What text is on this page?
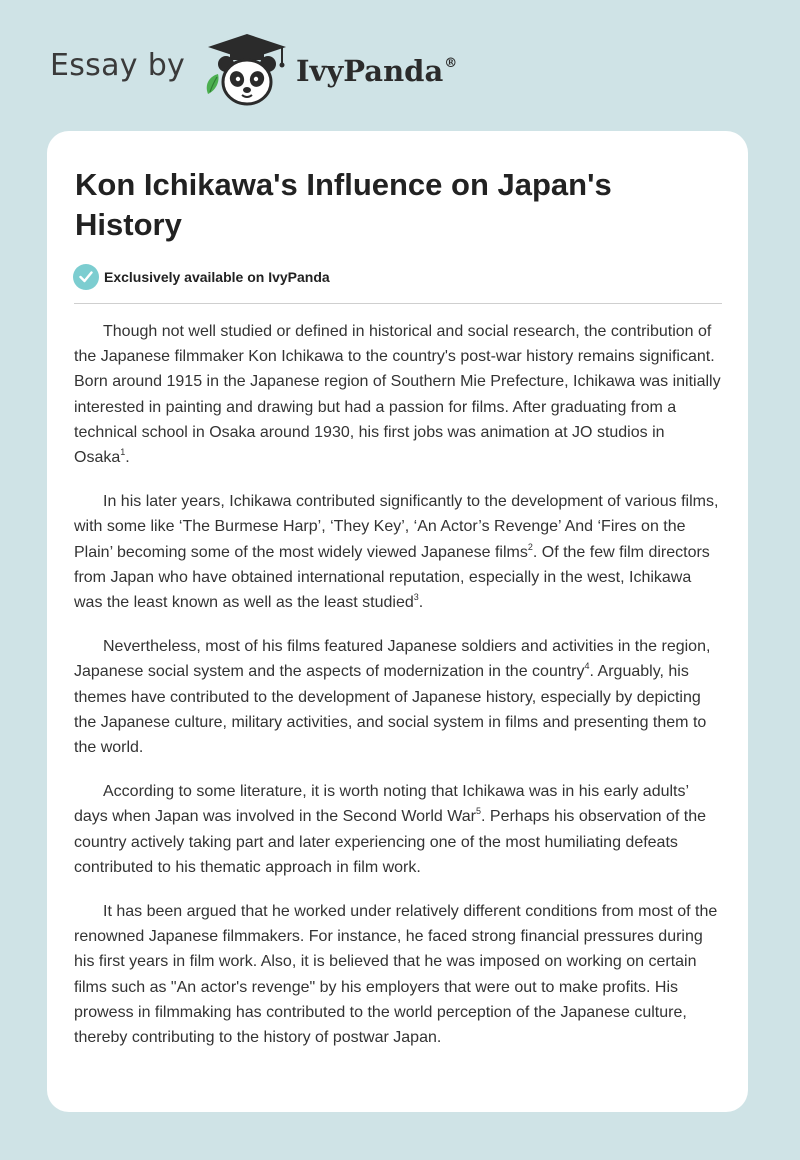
Essay by	IvyPanda®
Kon Ichikawa's Influence on Japan's History
Exclusively available on IvyPanda

Though not well studied or defined in historical and social research, the contribution of the Japanese filmmaker Kon Ichikawa to the country's post-war history remains significant. Born around 1915 in the Japanese region of Southern Mie Prefecture, Ichikawa was initially interested in painting and drawing but had a passion for films. After graduating from a technical school in Osaka around 1930, his first jobs was animation at JO studios in Osaka$^1$.

In his later years, Ichikawa contributed significantly to the development of various films, with some like ‘The Burmese Harp’, ‘They Key’, ‘An Actor’s Revenge’ And ‘Fires on the Plain’ becoming some of the most widely viewed Japanese films$^2$. Of the few film directors from Japan who have obtained international reputation, especially in the west, Ichikawa was the least known as well as the least studied$^3$.

Nevertheless, most of his films featured Japanese soldiers and activities in the region, Japanese social system and the aspects of modernization in the country$^4$. Arguably, his themes have contributed to the development of Japanese history, especially by depicting the Japanese culture, military activities, and social system in films and presenting them to the world.

According to some literature, it is worth noting that Ichikawa was in his early adults’ days when Japan was involved in the Second World War$^5$. Perhaps his observation of the country actively taking part and later experiencing one of the most humiliating defeats contributed to his thematic approach in film work.

It has been argued that he worked under relatively different conditions from most of the renowned Japanese filmmakers. For instance, he faced strong financial pressures during his first years in film work. Also, it is believed that he was imposed on working on certain films such as "An actor's revenge" by his employers that were out to make profits. His prowess in filmmaking has contributed to the world perception of the Japanese culture, thereby contributing to the history of postwar Japan.
